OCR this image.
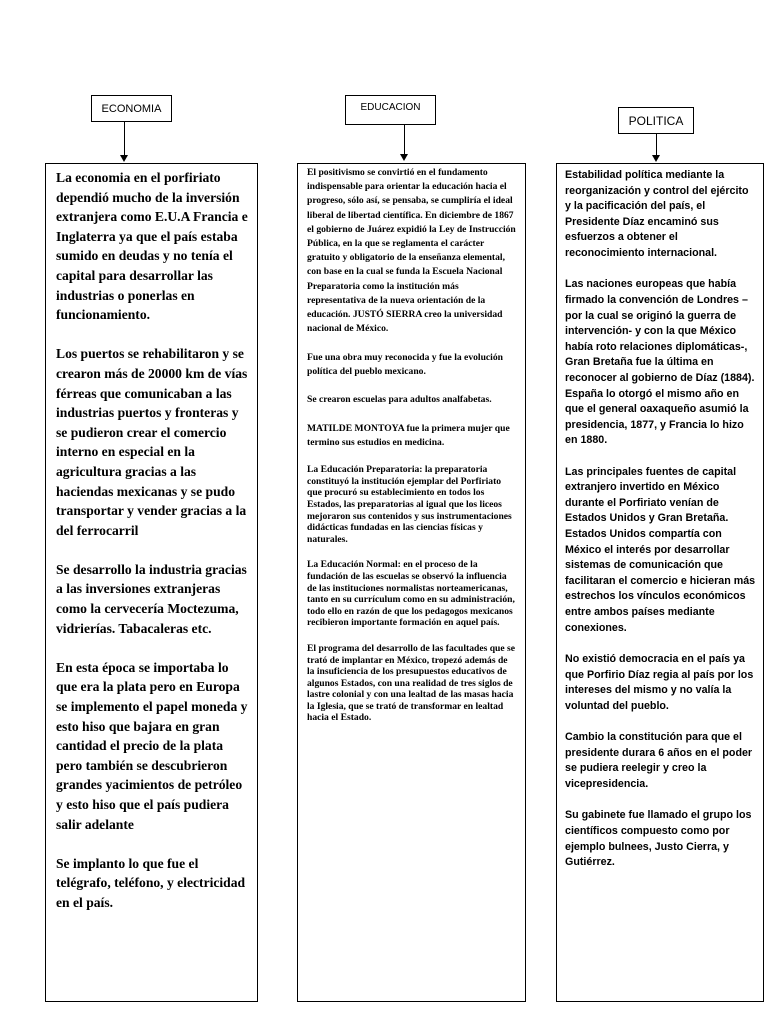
ECONOMIA	EDUCACION
POLITICA

La economia en el porfiriato dependió mucho de la inversión extranjera como E.U.A Francia e Inglaterra ya que el país estaba sumido en deudas y no tenía el capital para desarrollar las industrias o ponerlas en funcionamiento.

Los puertos se rehabilitaron y se crearon más de 20000 km de vías férreas que comunicaban a las industrias puertos y fronteras y se pudieron crear el comercio interno en especial en la agricultura gracias a las haciendas mexicanas y se pudo transportar y vender gracias a la del ferrocarril

Se desarrollo la industria gracias a las inversiones extranjeras como la cervecería Moctezuma, vidrierías. Tabacaleras etc.

En esta época se importaba lo que era la plata pero en Europa se implemento el papel moneda y esto hiso que bajara en gran cantidad el precio de la plata pero también se descubrieron grandes yacimientos de petróleo y esto hiso que el país pudiera salir adelante

Se implanto lo que fue el telégrafo, teléfono, y electricidad en el país.

El positivismo se convirtió en el fundamento indispensable para orientar la educación hacia el progreso, sólo así, se pensaba, se cumpliría el ideal liberal de libertad científica. En diciembre de 1867 el gobierno de Juárez expidió la Ley de Instrucción Pública, en la que se reglamenta el carácter gratuito y obligatorio de la enseñanza elemental, con base en la cual se funda la Escuela Nacional Preparatoria como la institución más representativa de la nueva orientación de la educación. JUSTÓ SIERRA creo la universidad nacional de México.

Fue una obra muy reconocida y fue la evolución política del pueblo mexicano.

Se crearon escuelas para adultos analfabetas.

MATILDE MONTOYA fue la primera mujer que termino sus estudios en medicina.

La Educación Preparatoria: la preparatoria constituyó la institución ejemplar del Porfiriato que procuró su establecimiento en todos los Estados, las preparatorias al igual que los liceos mejoraron sus contenidos y sus instrumentaciones didácticas fundadas en las ciencias físicas y naturales.

La Educación Normal: en el proceso de la fundación de las escuelas se observó la influencia de las instituciones normalistas norteamericanas, tanto en su currículum como en su administración, todo ello en razón de que los pedagogos mexicanos recibieron importante formación en aquel país.

El programa del desarrollo de las facultades que se trató de implantar en México, tropezó además de la insuficiencia de los presupuestos educativos de algunos Estados, con una realidad de tres siglos de lastre colonial y con una lealtad de las masas hacia la Iglesia, que se trató de transformar en lealtad hacia el Estado.

Estabilidad política mediante la reorganización y control del ejército y la pacificación del país, el Presidente Díaz encaminó sus esfuerzos a obtener el reconocimiento internacional.

Las naciones europeas que había firmado la convención de Londres – por la cual se originó la guerra de intervención- y con la que México había roto relaciones diplomáticas-, Gran Bretaña fue la última en reconocer al gobierno de Díaz (1884). España lo otorgó el mismo año en que el general oaxaqueño asumió la presidencia, 1877, y Francia lo hizo en 1880.

Las principales fuentes de capital extranjero invertido en México durante el Porfiriato venían de Estados Unidos y Gran Bretaña. Estados Unidos compartía con México el interés por desarrollar sistemas de comunicación que facilitaran el comercio e hicieran más estrechos los vínculos económicos entre ambos países mediante conexiones.

No existió democracia en el país ya que Porfirio Díaz regia al país por los intereses del mismo y no valía la voluntad del pueblo.

Cambio la constitución para que el presidente durara 6 años en el poder se pudiera reelegir y creo la vicepresidencia.

Su gabinete fue llamado el grupo los científicos compuesto como por ejemplo bulnees, Justo Cierra, y Gutiérrez.
